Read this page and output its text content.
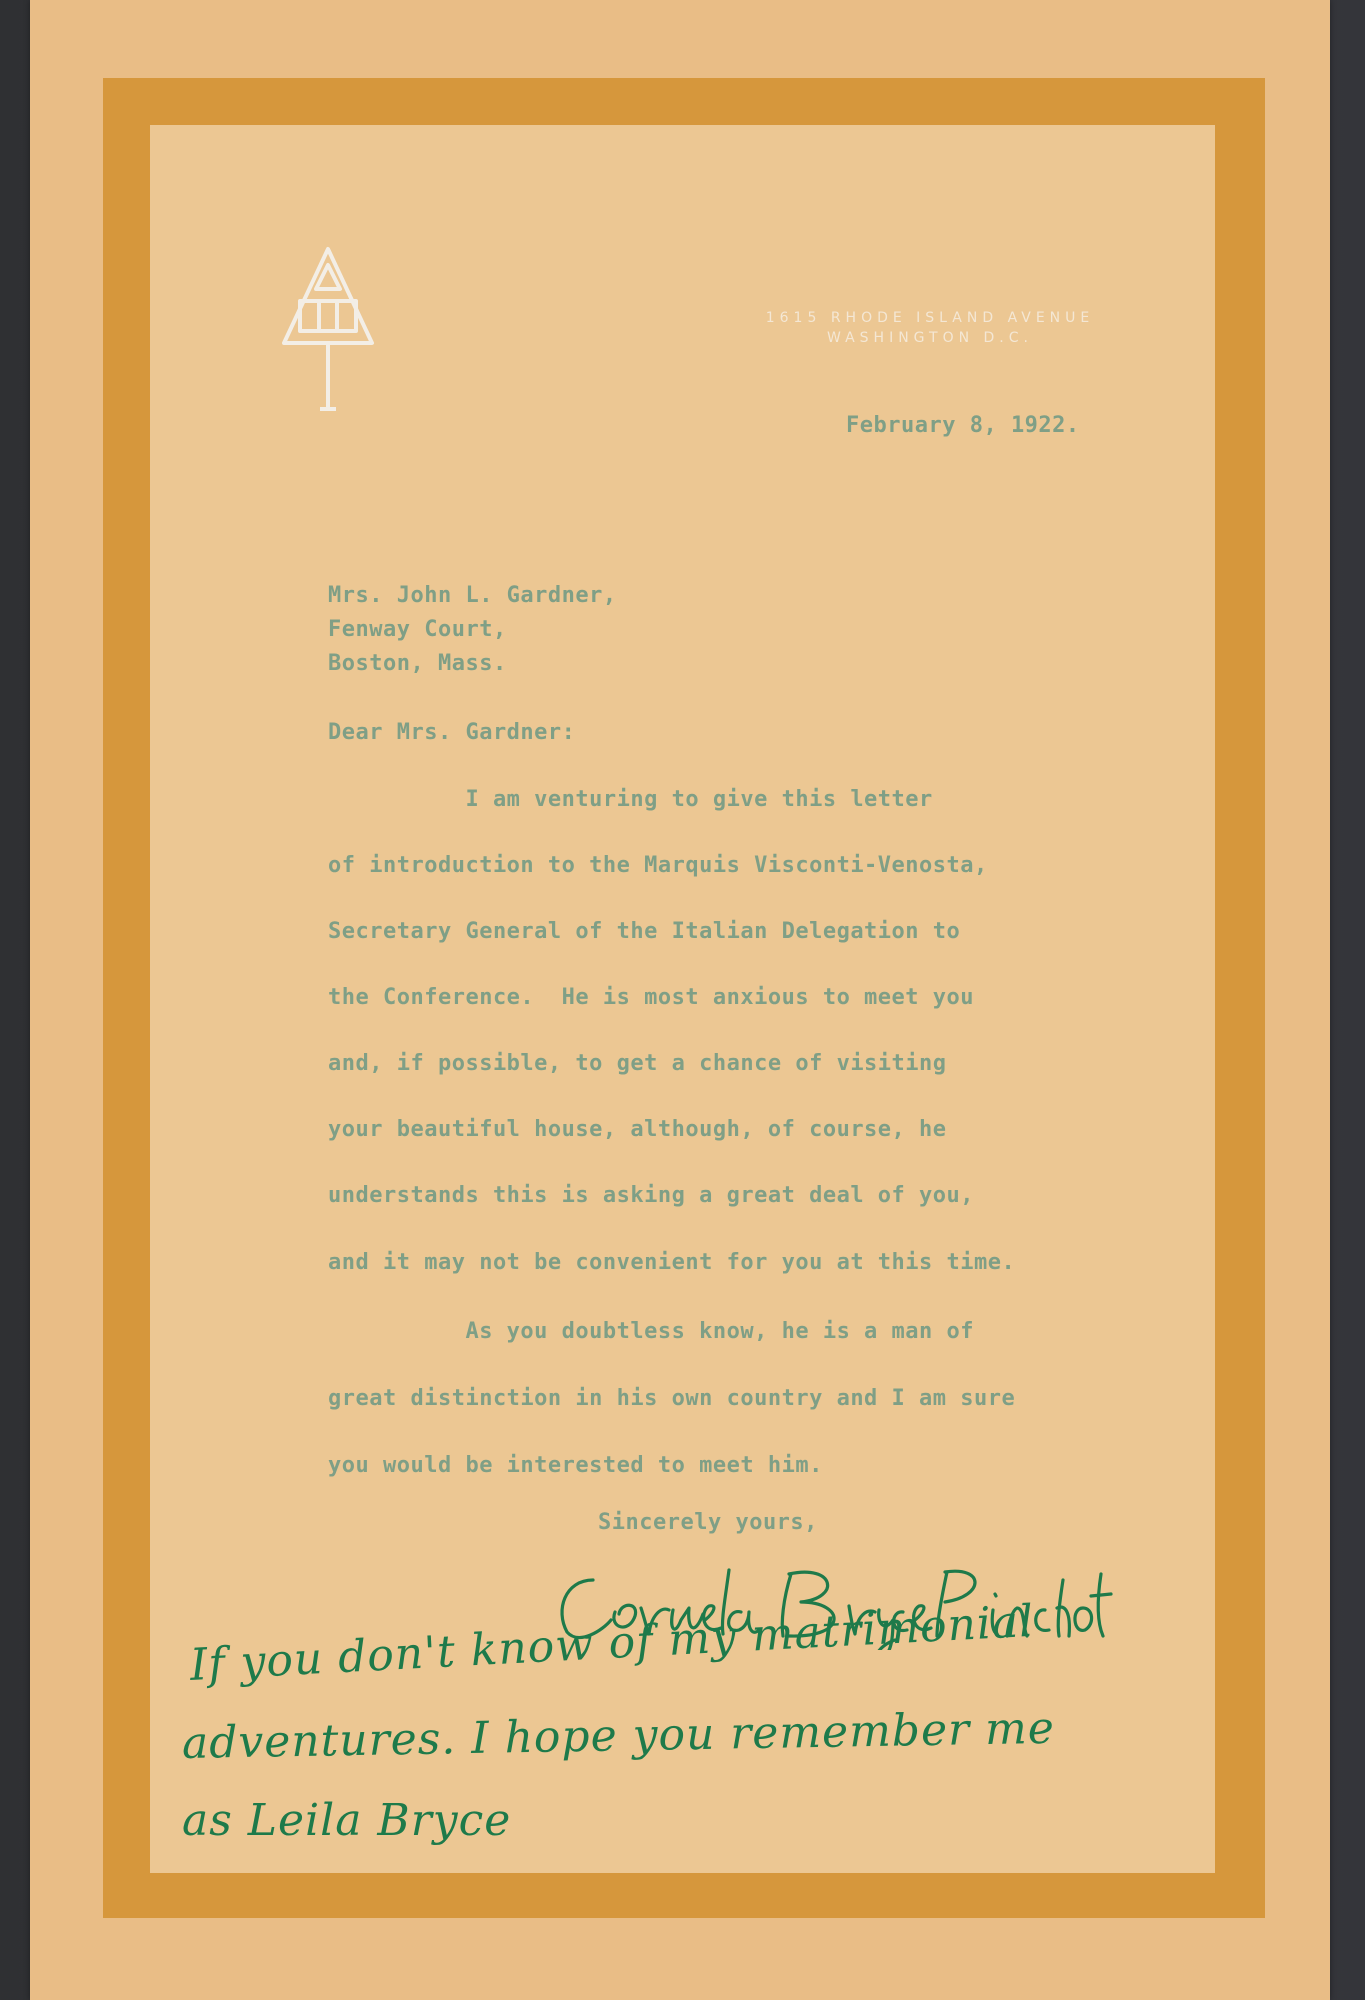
1615 RHODE ISLAND AVENUE
WASHINGTON D.C.
February 8, 1922.
Mrs. John L. Gardner,
Fenway Court,
Boston, Mass.
Dear Mrs. Gardner:
I am venturing to give this letter
of introduction to the Marquis Visconti-Venosta,
Secretary General of the Italian Delegation to
the Conference.  He is most anxious to meet you
and, if possible, to get a chance of visiting
your beautiful house, although, of course, he
understands this is asking a great deal of you,
and it may not be convenient for you at this time.
As you doubtless know, he is a man of
great distinction in his own country and I am sure
you would be interested to meet him.
Sincerely yours,
If you don't know of my matrimonial
adventures. I hope you remember me
as Leila Bryce
